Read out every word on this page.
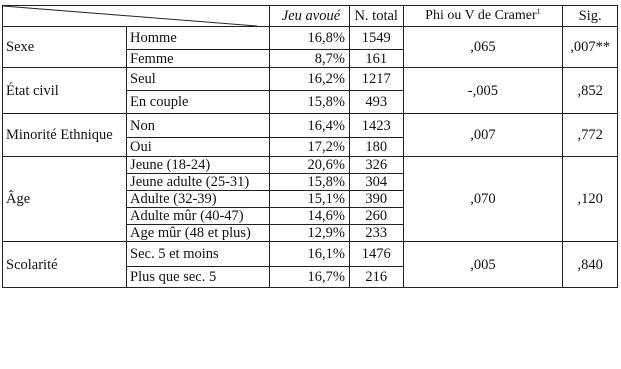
	Jeu avoué	N. total	Phi ou V de Cramer$^1$	Sig.
Sexe	Homme	16,8%	1549	,065	,007**
	Femme	8,7%	161		
État civil	Seul	16,2%	1217	-,005	,852
	En couple	15,8%	493		
Minorité Ethnique	Non	16,4%	1423	,007	,772
	Oui	17,2%	180		
Âge	Jeune (18-24)	20,6%	326	,070	,120
	Jeune adulte (25-31)	15,8%	304		
	Adulte (32-39)	15,1%	390		
	Adulte mûr (40-47)	14,6%	260		
	Age mûr (48 et plus)	12,9%	233		
Scolarité	Sec. 5 et moins	16,1%	1476	,005	,840
	Plus que sec. 5	16,7%	216		
